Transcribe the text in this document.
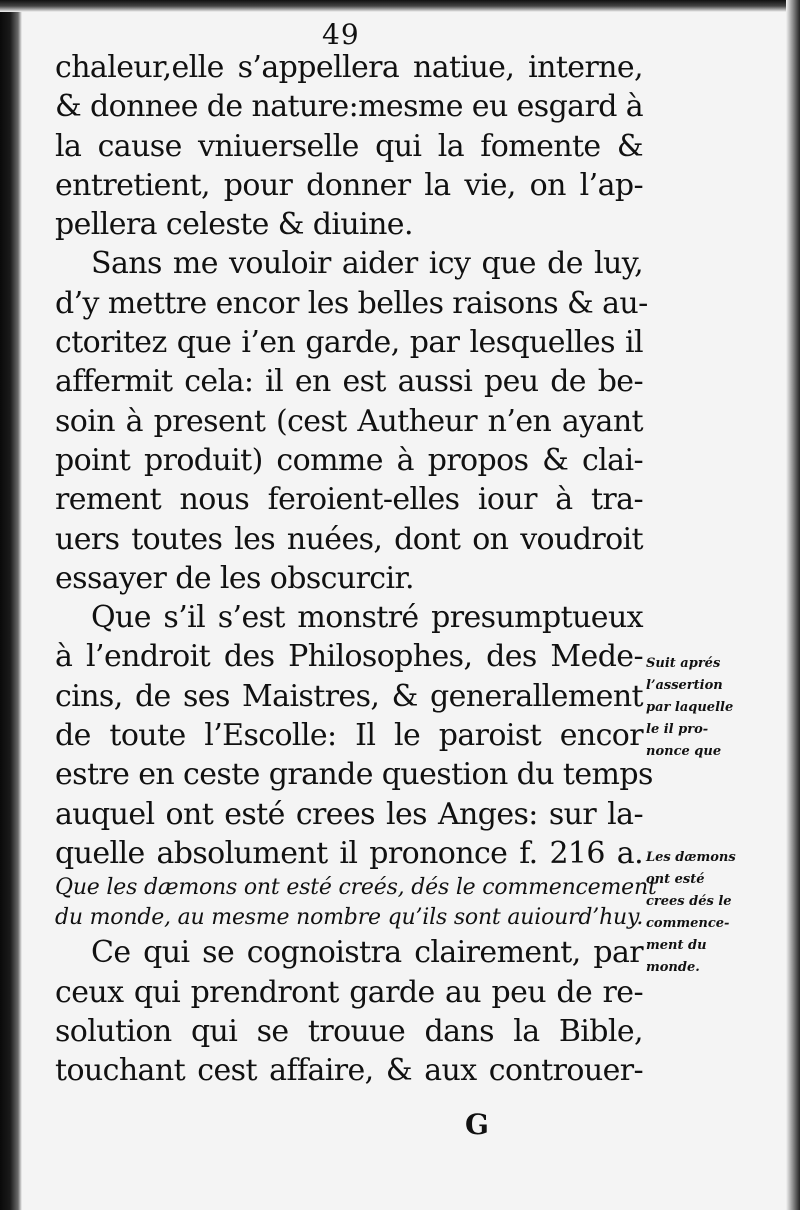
49
chaleur,elle s’appellera natiue, interne,
& donnee de nature:mesme eu esgard à
la cause vniuerselle qui la fomente &
entretient, pour donner la vie, on l’ap-
pellera celeste & diuine.
Sans me vouloir aider icy que de luy,
d’y mettre encor les belles raisons & au-
ctoritez que i’en garde, par lesquelles il
affermit cela: il en est aussi peu de be-
soin à present (cest Autheur n’en ayant
point produit) comme à propos & clai-
rement nous feroient-elles iour à tra-
uers toutes les nuées, dont on voudroit
essayer de les obscurcir.
Que s’il s’est monstré presumptueux
à l’endroit des Philosophes, des Mede-
cins, de ses Maistres, & generallement
de toute l’Escolle: Il le paroist encor
estre en ceste grande question du temps
auquel ont esté crees les Anges: sur la-
quelle absolument il prononce f. 216 a.
Que les dæmons ont esté creés, dés le commencement
du monde, au mesme nombre qu’ils sont auiourd’huy.
Ce qui se cognoistra clairement, par
ceux qui prendront garde au peu de re-
solution qui se trouue dans la Bible,
touchant cest affaire, & aux controuer-
Suit aprés
l’assertion
par laquelle
le il pro-
nonce que
Les dæmons
ont esté
crees dés le
commence-
ment du
monde.
G
